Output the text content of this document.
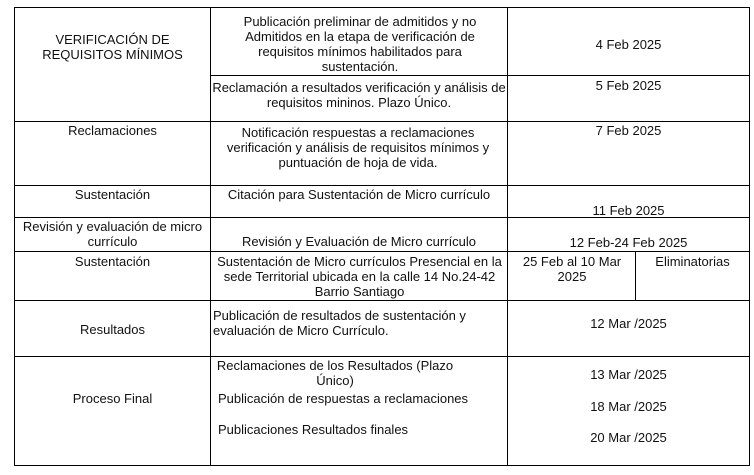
VERIFICACIÓN DE REQUISITOS MÍNIMOS
Reclamaciones
Sustentación
Revisión y evaluación de micro currículo
Sustentación
Resultados
Proceso Final
Publicación preliminar de admitidos y no Admitidos en la etapa de verificación de requisitos mínimos habilitados para sustentación.
Reclamación a resultados verificación y análisis de requisitos mininos. Plazo Único.
Notificación respuestas a reclamaciones verificación y análisis de requisitos mínimos y puntuación de hoja de vida.
Citación para Sustentación de Micro currículo
Revisión y Evaluación de Micro currículo
Sustentación de Micro currículos Presencial en la sede Territorial ubicada en la calle 14 No.24-42 Barrio Santiago
Publicación de resultados de sustentación y evaluación de Micro Currículo.
Reclamaciones de los Resultados (Plazo Único)
Publicación de respuestas a reclamaciones
Publicaciones Resultados finales
4 Feb 2025
5 Feb 2025
7 Feb 2025
11 Feb 2025
12 Feb-24 Feb 2025
25 Feb al 10 Mar 2025
Eliminatorias
12 Mar /2025
13 Mar /2025
18 Mar /2025
20 Mar /2025
